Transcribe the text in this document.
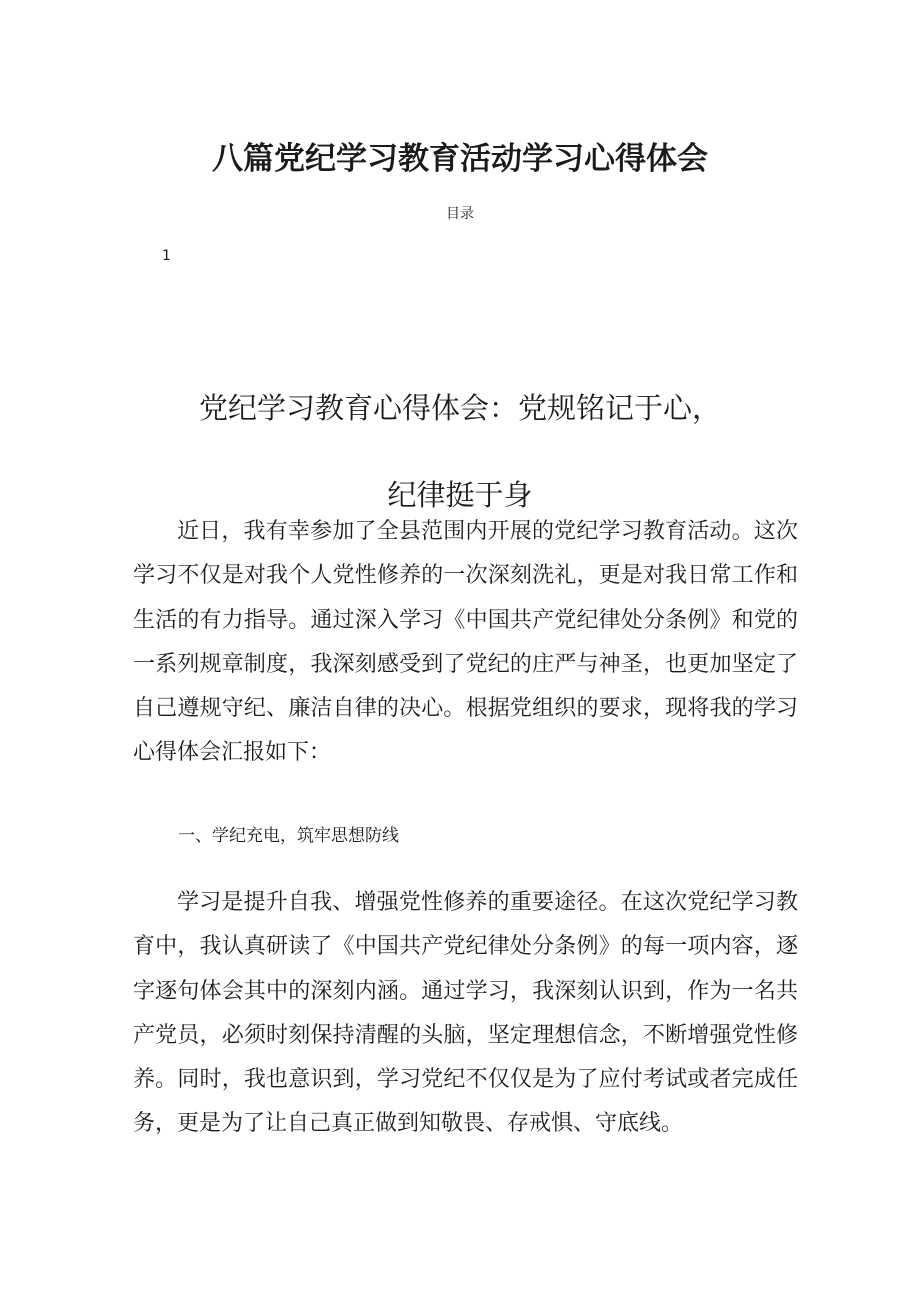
八篇党纪学习教育活动学习心得体会
目录
1
党纪学习教育心得体会：党规铭记于心，
纪律挺于身

近日，我有幸参加了全县范围内开展的党纪学习教育活动。这次学习不仅是对我个人党性修养的一次深刻洗礼，更是对我日常工作和生活的有力指导。通过深入学习《中国共产党纪律处分条例》和党的一系列规章制度，我深刻感受到了党纪的庄严与神圣，也更加坚定了自己遵规守纪、廉洁自律的决心。根据党组织的要求，现将我的学习心得体会汇报如下：

一、学纪充电，筑牢思想防线

学习是提升自我、增强党性修养的重要途径。在这次党纪学习教育中，我认真研读了《中国共产党纪律处分条例》的每一项内容，逐字逐句体会其中的深刻内涵。通过学习，我深刻认识到，作为一名共产党员，必须时刻保持清醒的头脑，坚定理想信念，不断增强党性修养。同时，我也意识到，学习党纪不仅仅是为了应付考试或者完成任务，更是为了让自己真正做到知敬畏、存戒惧、守底线。
